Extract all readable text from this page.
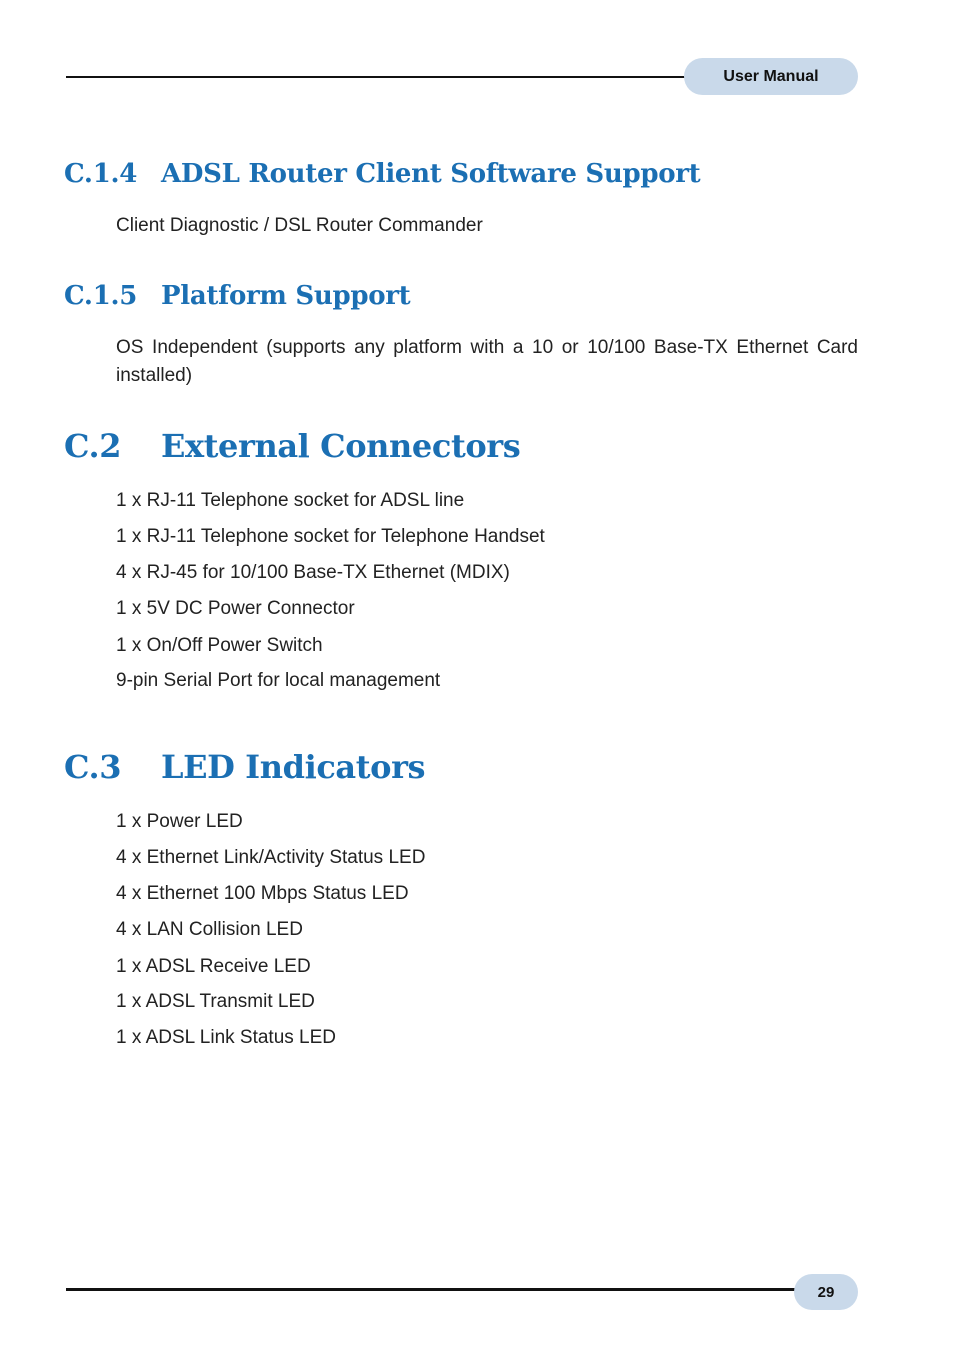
User Manual
C.1.4 ADSL Router Client Software Support

Client Diagnostic / DSL Router Commander

C.1.5 Platform Support

OS Independent (supports any platform with a 10 or 10/100 Base-TX Ethernet Card installed)

C.2 External Connectors
1 x RJ-11 Telephone socket for ADSL line
1 x RJ-11 Telephone socket for Telephone Handset
4 x RJ-45 for 10/100 Base-TX Ethernet (MDIX)
1 x 5V DC Power Connector
1 x On/Off Power Switch
9-pin Serial Port for local management
C.3 LED Indicators
1 x Power LED
4 x Ethernet Link/Activity Status LED
4 x Ethernet 100 Mbps Status LED
4 x LAN Collision LED
1 x ADSL Receive LED
1 x ADSL Transmit LED
1 x ADSL Link Status LED
29
